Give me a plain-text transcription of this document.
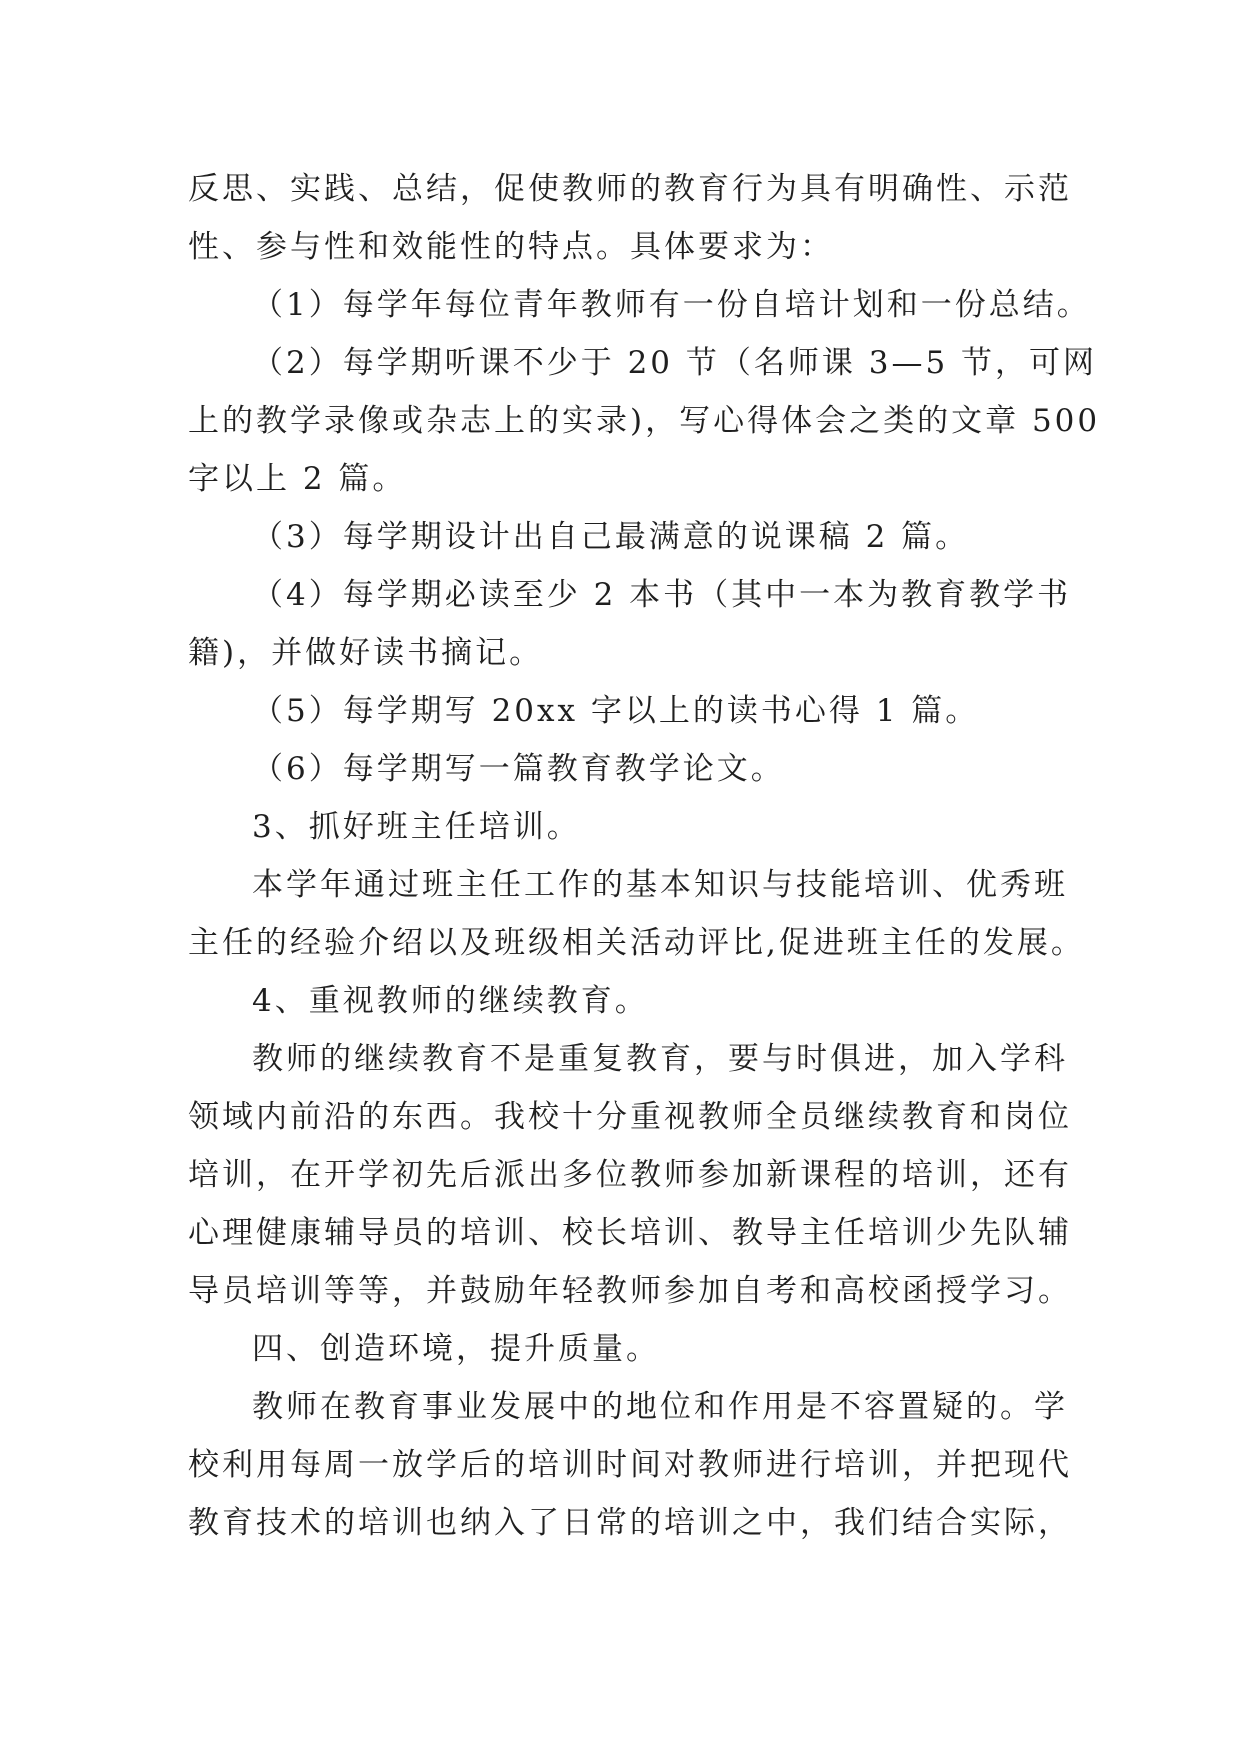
反思、实践、总结，促使教师的教育行为具有明确性、示范
性、参与性和效能性的特点。具体要求为：
（1）每学年每位青年教师有一份自培计划和一份总结。
（2）每学期听课不少于 20 节（名师课 3—5 节，可网
上的教学录像或杂志上的实录)，写心得体会之类的文章 500
字以上 2 篇。
（3）每学期设计出自己最满意的说课稿 2 篇。
（4）每学期必读至少 2 本书（其中一本为教育教学书
籍)，并做好读书摘记。
（5）每学期写 20xx 字以上的读书心得 1 篇。
（6）每学期写一篇教育教学论文。
3、抓好班主任培训。
本学年通过班主任工作的基本知识与技能培训、优秀班
主任的经验介绍以及班级相关活动评比,促进班主任的发展。
4、重视教师的继续教育。
教师的继续教育不是重复教育，要与时俱进，加入学科
领域内前沿的东西。我校十分重视教师全员继续教育和岗位
培训，在开学初先后派出多位教师参加新课程的培训，还有
心理健康辅导员的培训、校长培训、教导主任培训少先队辅
导员培训等等，并鼓励年轻教师参加自考和高校函授学习。
四、创造环境，提升质量。
教师在教育事业发展中的地位和作用是不容置疑的。学
校利用每周一放学后的培训时间对教师进行培训，并把现代
教育技术的培训也纳入了日常的培训之中，我们结合实际，
